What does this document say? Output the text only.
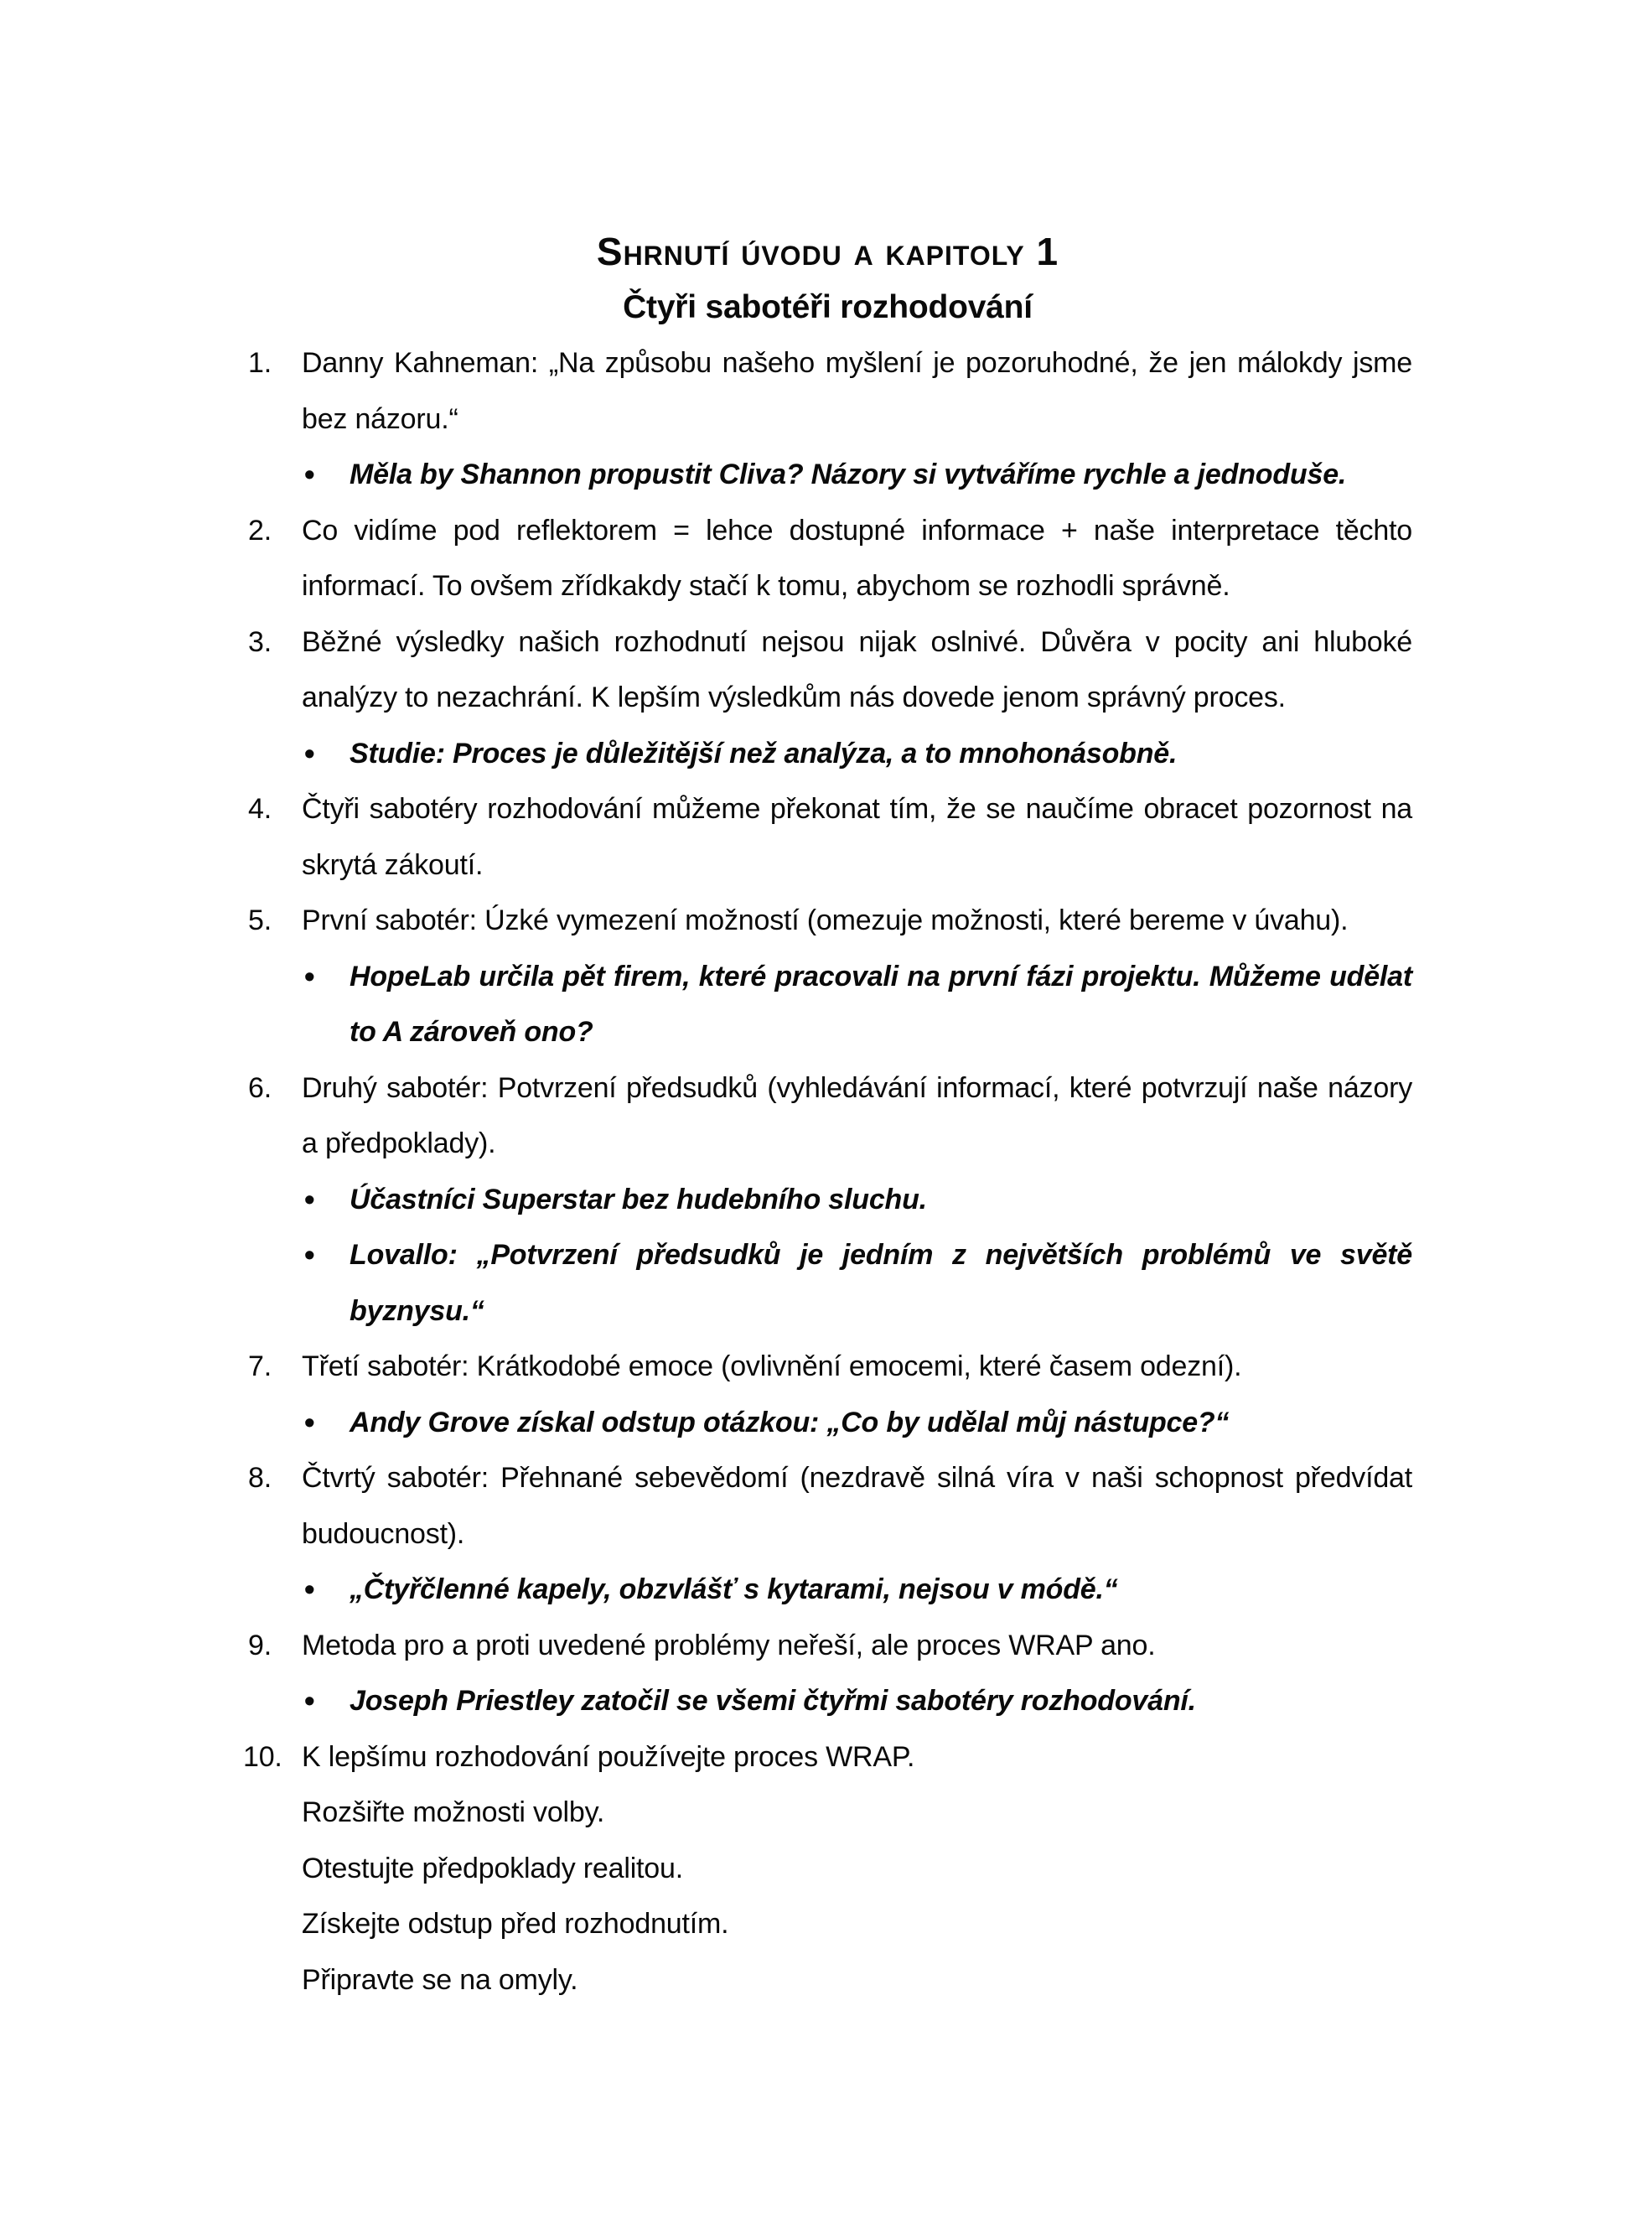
Shrnutí úvodu a kapitoly 1
Čtyři sabotéři rozhodování
1. Danny Kahneman: „Na způsobu našeho myšlení je pozoruhodné, že jen málokdy jsme bez názoru.“
• Měla by Shannon propustit Cliva? Názory si vytváříme rychle a jednoduše.
2. Co vidíme pod reflektorem = lehce dostupné informace + naše interpretace těchto informací. To ovšem zřídkakdy stačí k tomu, abychom se rozhodli správně.
3. Běžné výsledky našich rozhodnutí nejsou nijak oslnivé. Důvěra v pocity ani hluboké analýzy to nezachrání. K lepším výsledkům nás dovede jenom správný proces.
• Studie: Proces je důležitější než analýza, a to mnohonásobně.
4. Čtyři sabotéry rozhodování můžeme překonat tím, že se naučíme obracet pozornost na skrytá zákoutí.
5. První sabotér: Úzké vymezení možností (omezuje možnosti, které bereme v úvahu).
• HopeLab určila pět firem, které pracovali na první fázi projektu. Můžeme udělat to A zároveň ono?
6. Druhý sabotér: Potvrzení předsudků (vyhledávání informací, které potvrzují naše názory a předpoklady).
• Účastníci Superstar bez hudebního sluchu.
• Lovallo: „Potvrzení předsudků je jedním z největších problémů ve světě byznysu.“
7. Třetí sabotér: Krátkodobé emoce (ovlivnění emocemi, které časem odezní).
• Andy Grove získal odstup otázkou: „Co by udělal můj nástupce?“
8. Čtvrtý sabotér: Přehnané sebevědomí (nezdravě silná víra v naši schopnost předvídat budoucnost).
• „Čtyřčlenné kapely, obzvlášť s kytarami, nejsou v módě.“
9. Metoda pro a proti uvedené problémy neřeší, ale proces WRAP ano.
• Joseph Priestley zatočil se všemi čtyřmi sabotéry rozhodování.
10. K lepšímu rozhodování používejte proces WRAP.
Rozšiřte možnosti volby.
Otestujte předpoklady realitou.
Získejte odstup před rozhodnutím.
Připravte se na omyly.
